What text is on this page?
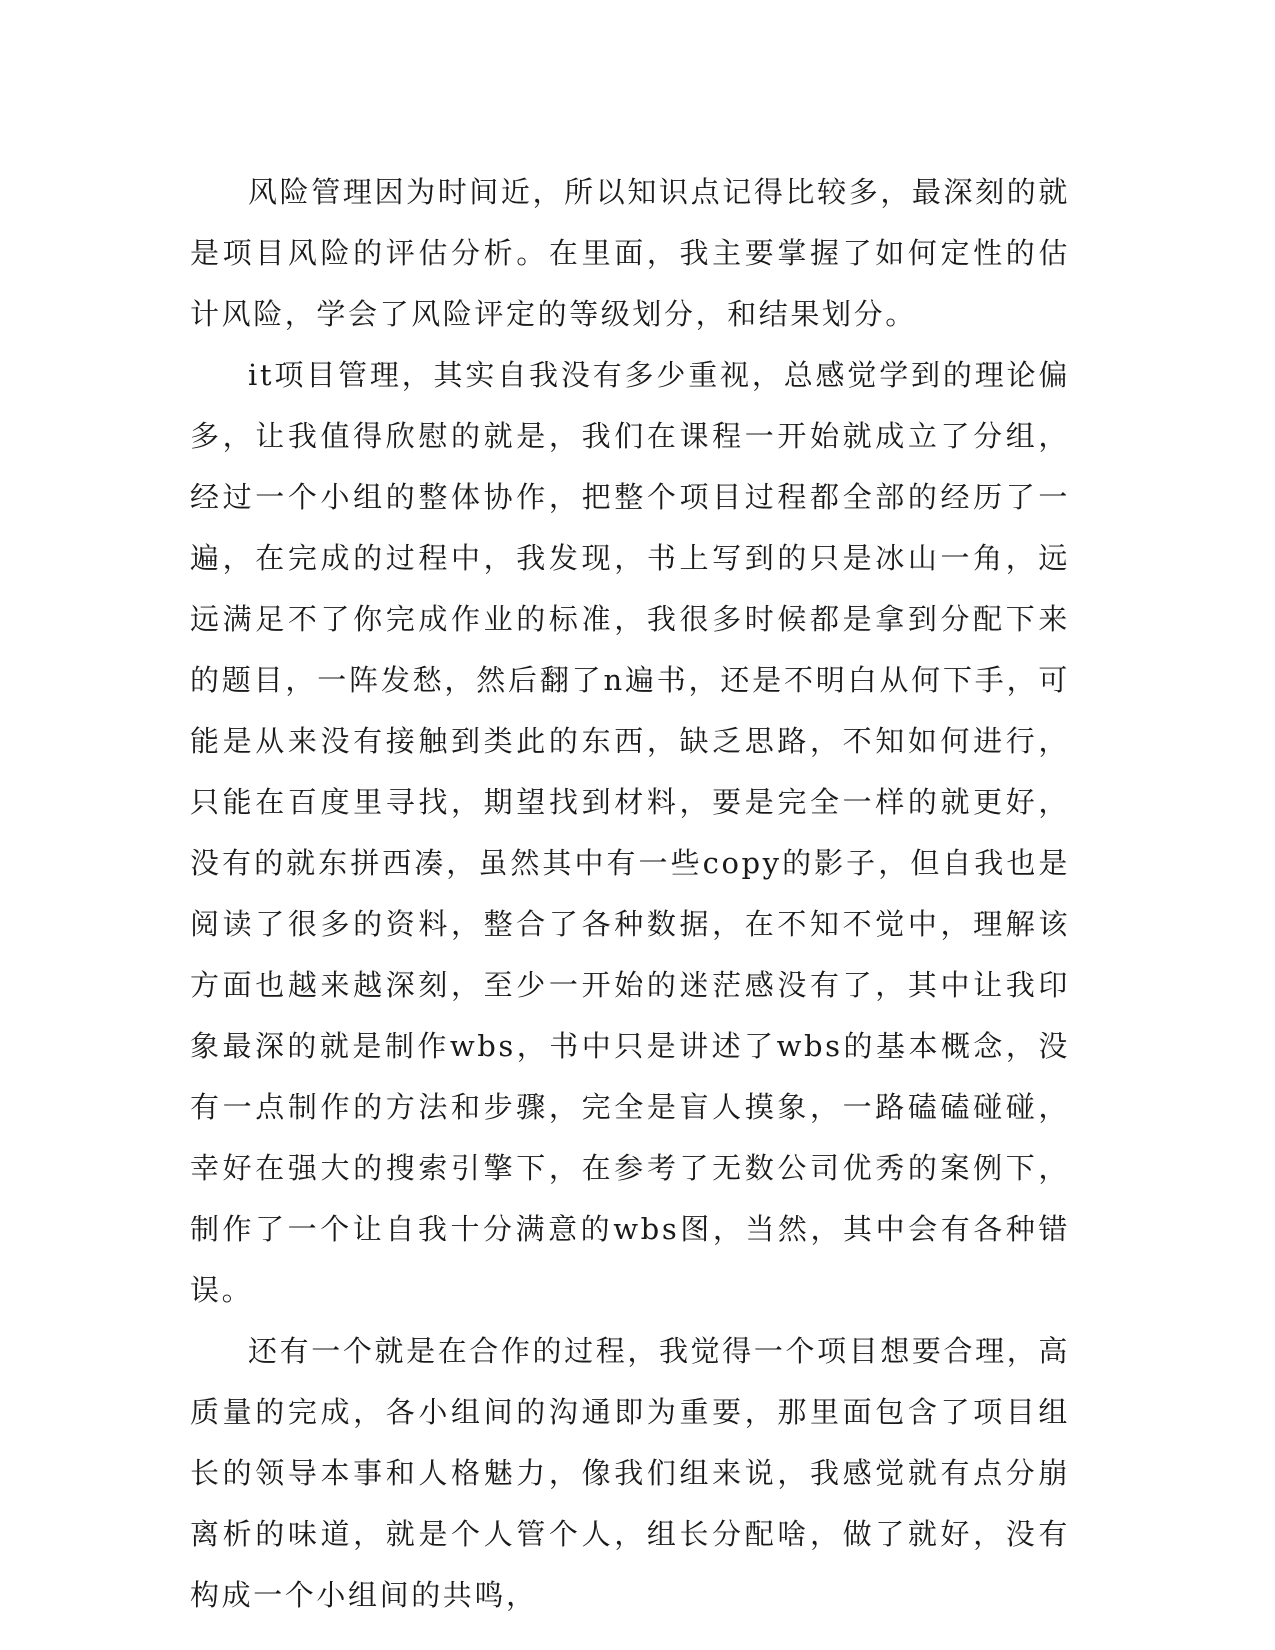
风险管理因为时间近，所以知识点记得比较多，最深刻的就是项目风险的评估分析。在里面，我主要掌握了如何定性的估计风险，学会了风险评定的等级划分，和结果划分。

it项目管理，其实自我没有多少重视，总感觉学到的理论偏多，让我值得欣慰的就是，我们在课程一开始就成立了分组，经过一个小组的整体协作，把整个项目过程都全部的经历了一遍，在完成的过程中，我发现，书上写到的只是冰山一角，远远满足不了你完成作业的标准，我很多时候都是拿到分配下来的题目，一阵发愁，然后翻了n遍书，还是不明白从何下手，可能是从来没有接触到类此的东西，缺乏思路，不知如何进行，只能在百度里寻找，期望找到材料，要是完全一样的就更好，没有的就东拼西凑，虽然其中有一些copy的影子，但自我也是阅读了很多的资料，整合了各种数据，在不知不觉中，理解该方面也越来越深刻，至少一开始的迷茫感没有了，其中让我印象最深的就是制作wbs，书中只是讲述了wbs的基本概念，没有一点制作的方法和步骤，完全是盲人摸象，一路磕磕碰碰，幸好在强大的搜索引擎下，在参考了无数公司优秀的案例下，制作了一个让自我十分满意的wbs图，当然，其中会有各种错误。

还有一个就是在合作的过程，我觉得一个项目想要合理，高质量的完成，各小组间的沟通即为重要，那里面包含了项目组长的领导本事和人格魅力，像我们组来说，我感觉就有点分崩离析的味道，就是个人管个人，组长分配啥，做了就好，没有构成一个小组间的共鸣，
